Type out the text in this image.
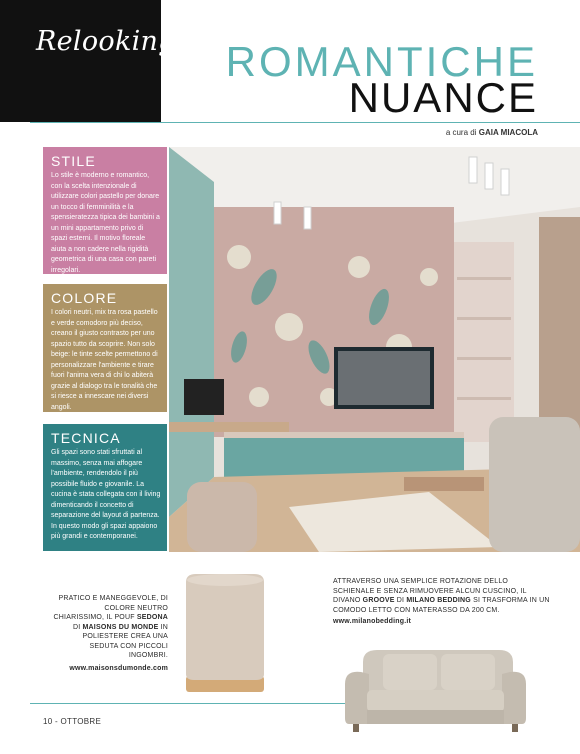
Relooking ROMANTICHE
NUANCE
a cura di GAIA MIACOLA
STILE

Lo stile è moderno e romantico, con la scelta intenzionale di utilizzare colori pastello per donare un tocco di femminilità e la spensieratezza tipica dei bambini a un mini appartamento privo di spazi esterni. Il motivo floreale aiuta a non cadere nella rigidità geometrica di una casa con pareti irregolari.

COLORE

I colori neutri, mix tra rosa pastello e verde comodoro più deciso, creano il giusto contrasto per uno spazio tutto da scoprire. Non solo beige: le tinte scelte permettono di personalizzare l'ambiente e tirare fuori l'anima vera di chi lo abiterà grazie al dialogo tra le tonalità che si riesce a innescare nei diversi angoli.

TECNICA

Gli spazi sono stati sfruttati al massimo, senza mai affogare l'ambiente, rendendolo il più possibile fluido e giovanile. La cucina è stata collegata con il living dimenticando il concetto di separazione del layout di partenza. In questo modo gli spazi appaiono più grandi e contemporanei.

PRATICO E MANEGGEVOLE, DI COLORE NEUTRO CHIARISSIMO, IL POUF SEDONA DI MAISONS DU MONDE IN POLIESTERE CREA UNA SEDUTA CON PICCOLI INGOMBRI.
www.maisonsdumonde.com
ATTRAVERSO UNA SEMPLICE ROTAZIONE DELLO SCHIENALE E SENZA RIMUOVERE ALCUN CUSCINO, IL DIVANO GROOVE DI MILANO BEDDING SI TRASFORMA IN UN COMODO LETTO CON MATERASSO DA 200 CM.
www.milanobedding.it
10 - OTTOBRE
